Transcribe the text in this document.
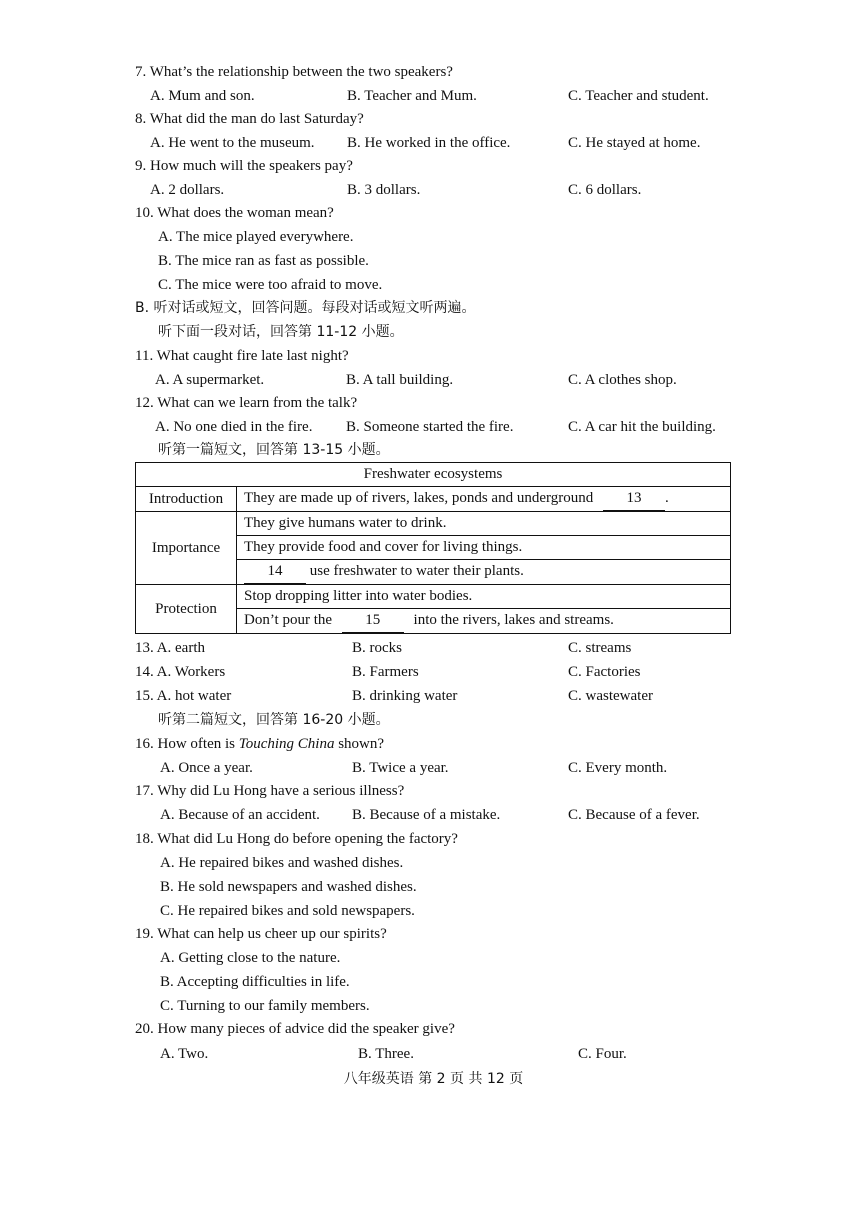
7. What’s the relationship between the two speakers?
A. Mum and son.	B. Teacher and Mum.	C. Teacher and student.
8. What did the man do last Saturday?
A. He went to the museum. B. He worked in the office.	C. He stayed at home.
9. How much will the speakers pay?
A. 2 dollars.	B. 3 dollars.	C. 6 dollars.
10. What does the woman mean?
A. The mice played everywhere.
B. The mice ran as fast as possible.
C. The mice were too afraid to move.
B. 听对话或短文，回答问题。每段对话或短文听两遍。
听下面一段对话，回答第 11-12 小题。
11. What caught fire late last night?
A. A supermarket.	B. A tall building.	C. A clothes shop.
12. What can we learn from the talk?
A. No one died in the fire. B. Someone started the fire.	C. A car hit the building.
听第一篇短文，回答第 13-15 小题。
Freshwater ecosystems	
Introduction	They are made up of rivers, lakes, ponds and underground 13 .
Importance	They give humans water to drink.
	They provide food and cover for living things.
	14 use freshwater to water their plants.
Protection	Stop dropping litter into water bodies.
	Don’t pour the 15 into the rivers, lakes and streams.
13. A. earth	B. rocks	C. streams
14. A. Workers	B. Farmers	C. Factories
15. A. hot water	B. drinking water	C. wastewater
听第二篇短文，回答第 16-20 小题。
16. How often is Touching China shown?
A. Once a year.	B. Twice a year.	C. Every month.
17. Why did Lu Hong have a serious illness?
A. Because of an accident. B. Because of a mistake.	C. Because of a fever.
18. What did Lu Hong do before opening the factory?
A. He repaired bikes and washed dishes.
B. He sold newspapers and washed dishes.
C. He repaired bikes and sold newspapers.
19. What can help us cheer up our spirits?
A. Getting close to the nature.
B. Accepting difficulties in life.
C. Turning to our family members.
20. How many pieces of advice did the speaker give?
A. Two.	B. Three.	C. Four.
八年级英语 第 2 页 共 12 页
